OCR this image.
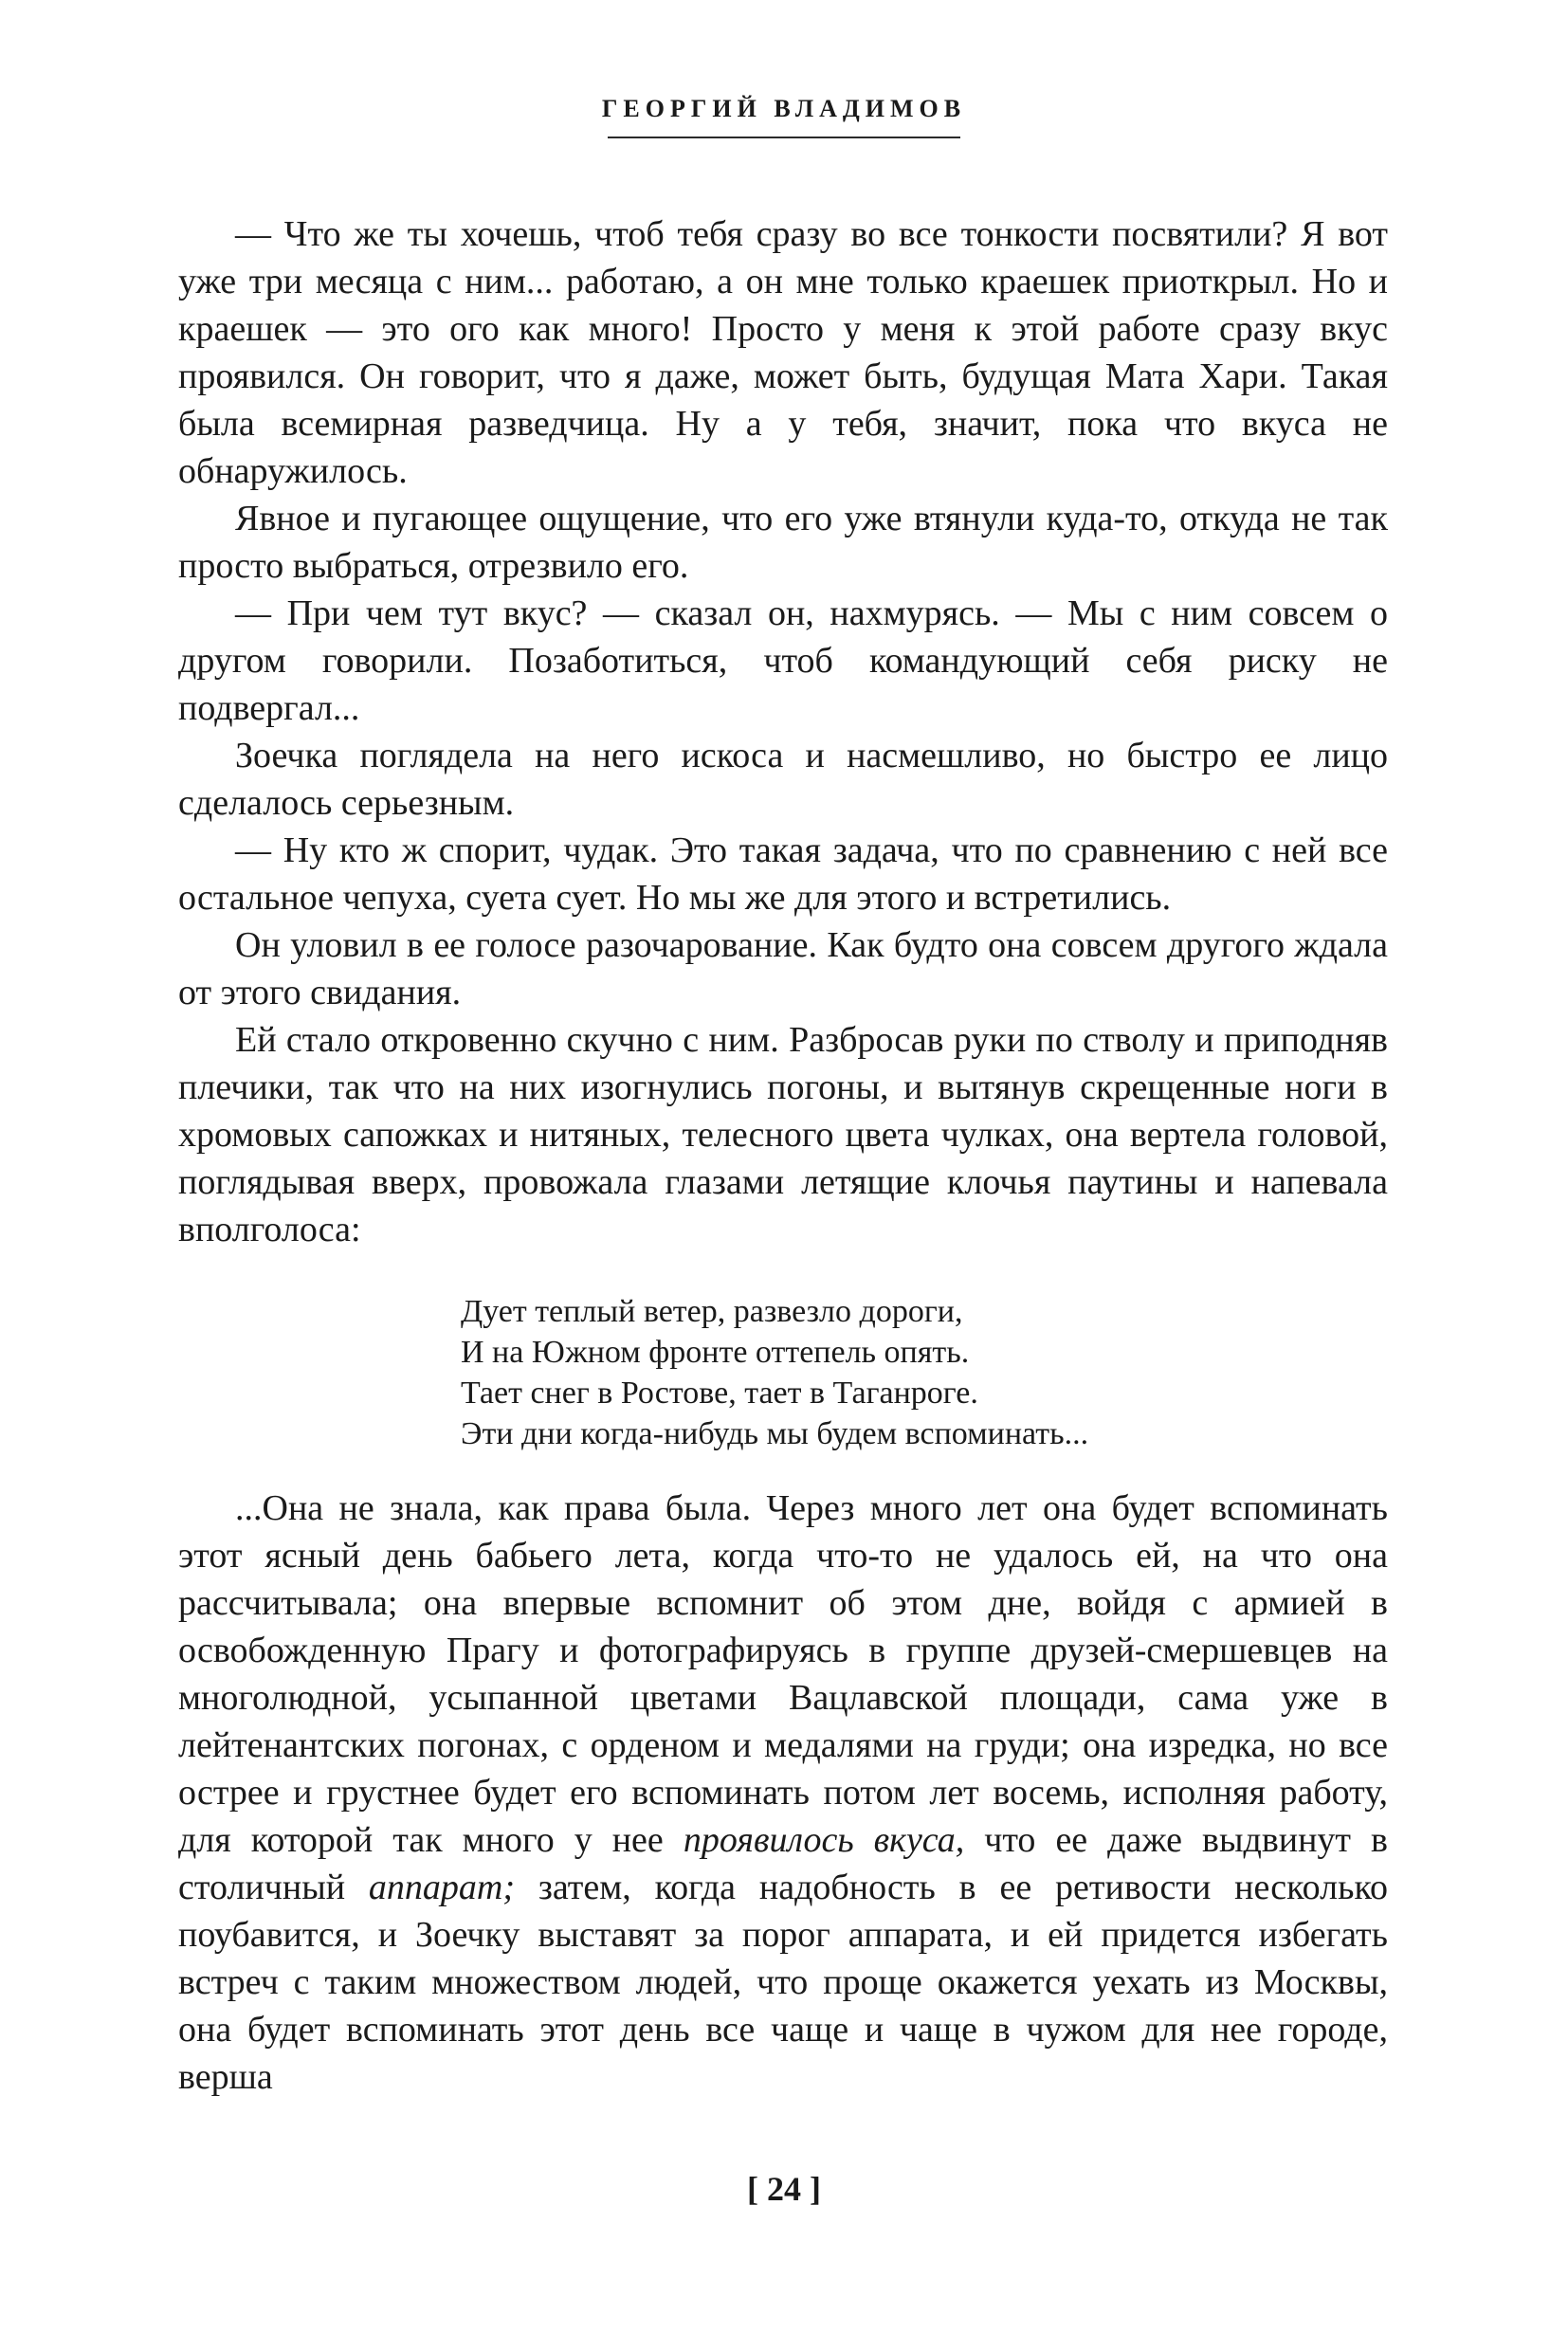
ГЕОРГИЙ ВЛАДИМОВ

— Что же ты хочешь, чтоб тебя сразу во все тонкости посвятили? Я вот уже три месяца с ним... работаю, а он мне только краешек приоткрыл. Но и краешек — это ого как много! Просто у меня к этой работе сразу вкус проявился. Он говорит, что я даже, может быть, будущая Мата Хари. Такая была всемирная разведчица. Ну а у тебя, значит, пока что вкуса не обнаружилось.

Явное и пугающее ощущение, что его уже втянули куда-то, откуда не так просто выбраться, отрезвило его.

— При чем тут вкус? — сказал он, нахмурясь. — Мы с ним совсем о другом говорили. Позаботиться, чтоб командующий себя риску не подвергал...

Зоечка поглядела на него искоса и насмешливо, но быстро ее лицо сделалось серьезным.

— Ну кто ж спорит, чудак. Это такая задача, что по сравнению с ней все остальное чепуха, суета сует. Но мы же для этого и встретились.

Он уловил в ее голосе разочарование. Как будто она совсем другого ждала от этого свидания.

Ей стало откровенно скучно с ним. Разбросав руки по стволу и приподняв плечики, так что на них изогнулись погоны, и вытянув скрещенные ноги в хромовых сапожках и нитяных, телесного цвета чулках, она вертела головой, поглядывая вверх, провожала глазами летящие клочья паутины и напевала вполголоса:

Дует теплый ветер, развезло дороги,
И на Южном фронте оттепель опять.
Тает снег в Ростове, тает в Таганроге.
Эти дни когда-нибудь мы будем вспоминать...

...Она не знала, как права была. Через много лет она будет вспоминать этот ясный день бабьего лета, когда что-то не удалось ей, на что она рассчитывала; она впервые вспомнит об этом дне, войдя с армией в освобожденную Прагу и фотографируясь в группе друзей-смершевцев на многолюдной, усыпанной цветами Вацлавской площади, сама уже в лейтенантских погонах, с орденом и медалями на груди; она изредка, но все острее и грустнее будет его вспоминать потом лет восемь, исполняя работу, для которой так много у нее проявилось вкуса, что ее даже выдвинут в столичный аппарат; затем, когда надобность в ее ретивости несколько поубавится, и Зоечку выставят за порог аппарата, и ей придется избегать встреч с таким множеством людей, что проще окажется уехать из Москвы, она будет вспоминать этот день все чаще и чаще в чужом для нее городе, верша

[ 24 ]
